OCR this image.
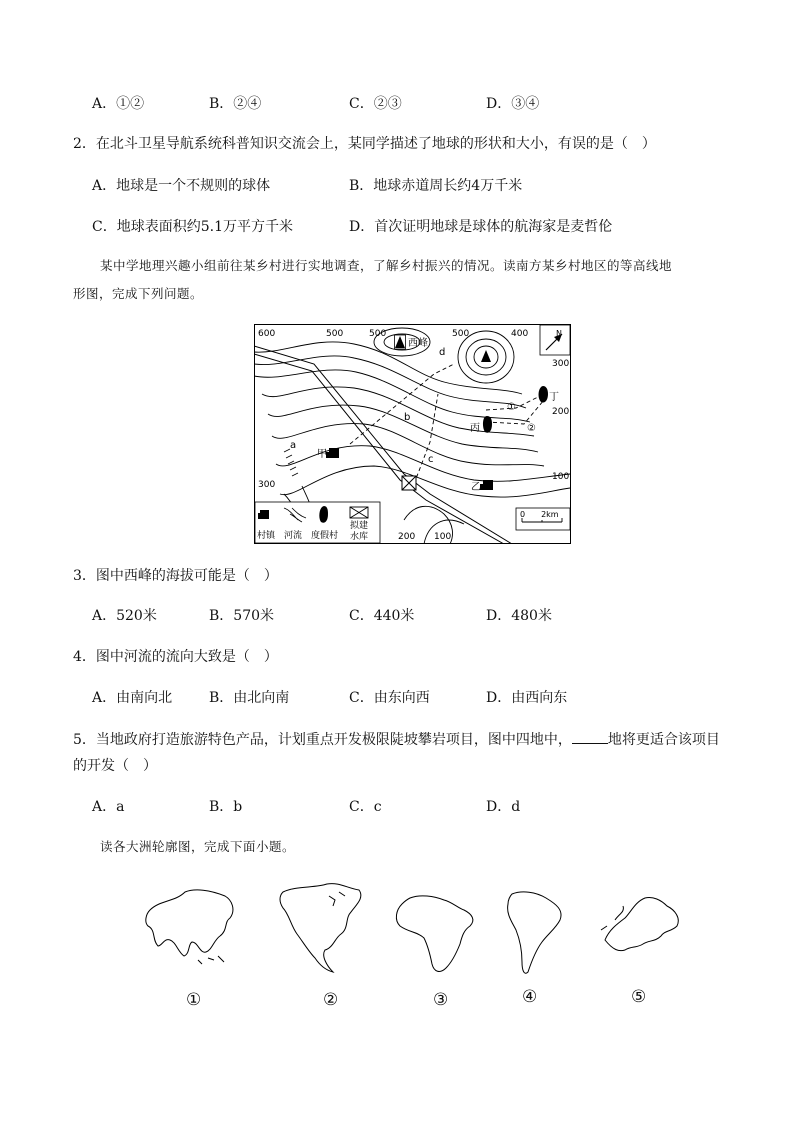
A．①②	B．②④	C．②③	D．③④
2．在北斗卫星导航系统科普知识交流会上，某同学描述了地球的形状和大小，有误的是（　）
A．地球是一个不规则的球体	B．地球赤道周长约4万千米
C．地球表面积约5.1万平方千米	D．首次证明地球是球体的航海家是麦哲伦
某中学地理兴趣小组前往某乡村进行实地调查，了解乡村振兴的情况。读南方某乡村地区的等高线地
形图，完成下列问题。
600	500	500	500	400
300
200
100
300
200 100
N
0　　2km
西峰
a
b
c
d
甲
乙
丙
丁
①
②
村镇 河流 度假村
拟建
水库
3．图中西峰的海拔可能是（　）
A．520米	B．570米	C．440米	D．480米
4．图中河流的流向大致是（　）
A．由南向北	B．由北向南	C．由东向西	D．由西向东
5．当地政府打造旅游特色产品，计划重点开发极限陡坡攀岩项目，图中四地中，	地将更适合该项目
的开发（　）
A．a	B．b	C．c	D．d
读各大洲轮廓图，完成下面小题。
①	②	③	④	⑤
